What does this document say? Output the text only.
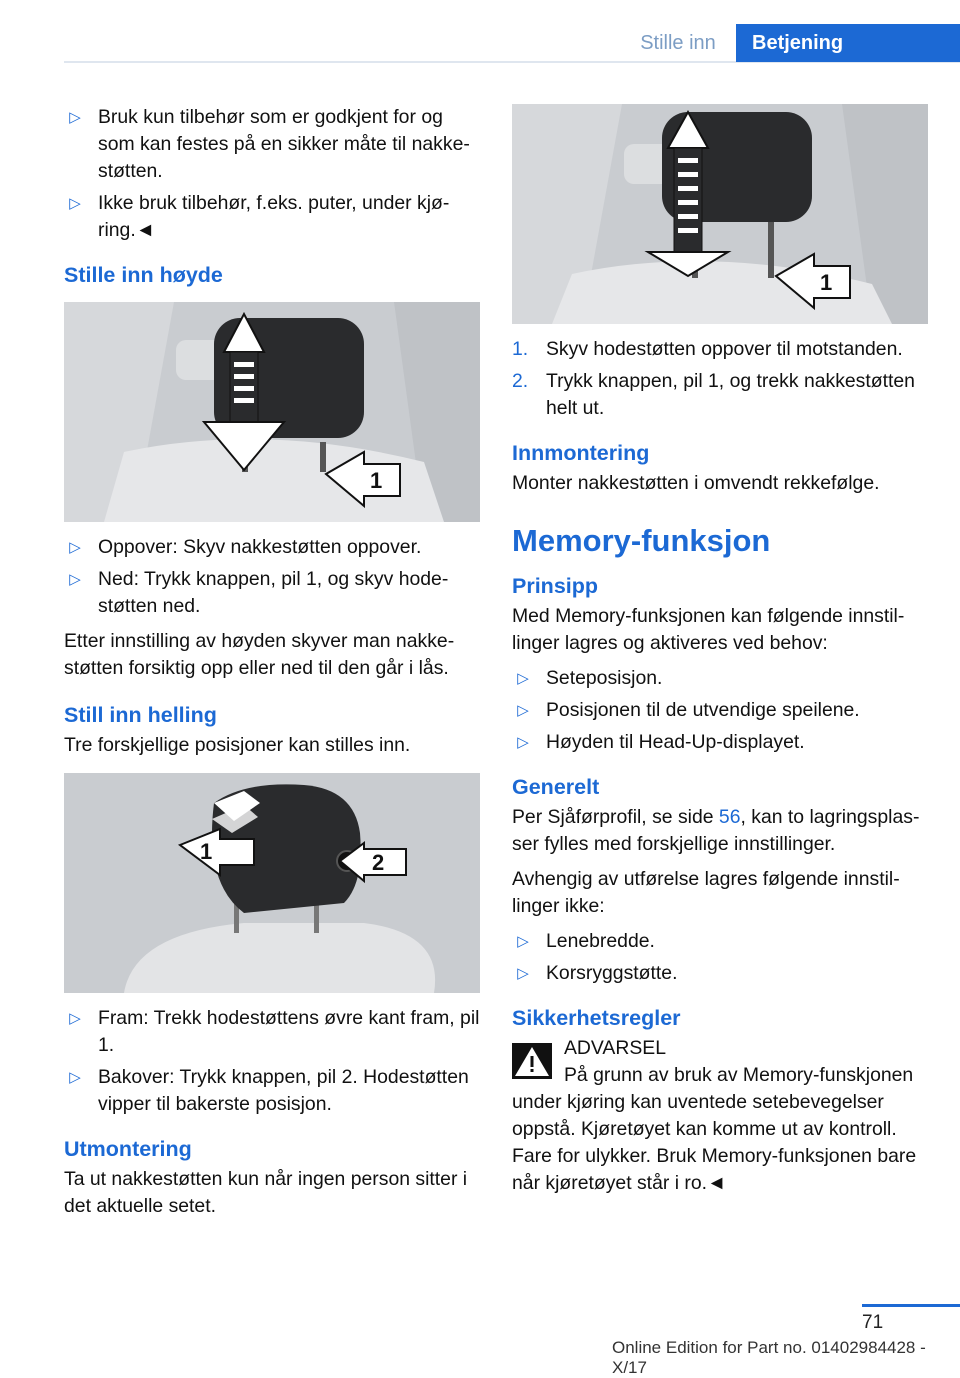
Stille inn	Betjening
▷ Bruk kun tilbehør som er godkjent for og som kan festes på en sikker måte til nakkestøtten.
▷ Ikke bruk tilbehør, f.eks. puter, under kjøring.◄
Stille inn høyde
1
▷ Oppover: Skyv nakkestøtten oppover.
▷ Ned: Trykk knappen, pil 1, og skyv hodestøtten ned.

Etter innstilling av høyden skyver man nakkestøtten forsiktig opp eller ned til den går i lås.

Still inn helling

Tre forskjellige posisjoner kan stilles inn.

1	2
▷ Fram: Trekk hodestøttens øvre kant fram, pil 1.
▷ Bakover: Trykk knappen, pil 2. Hodestøtten vipper til bakerste posisjon.
Utmontering

Ta ut nakkestøtten kun når ingen person sitter i det aktuelle setet.

1
1. Skyv hodestøtten oppover til motstanden.
2. Trykk knappen, pil 1, og trekk nakkestøtten helt ut.
Innmontering

Monter nakkestøtten i omvendt rekkefølge.

Memory-funksjon
Prinsipp

Med Memory-funksjonen kan følgende innstillinger lagres og aktiveres ved behov:

▷ Seteposisjon.
▷ Posisjonen til de utvendige speilene.
▷ Høyden til Head-Up-displayet.
Generelt

Per Sjåførprofil, se side 56, kan to lagringsplasser fylles med forskjellige innstillinger.

Avhengig av utførelse lagres følgende innstillinger ikke:

▷ Lenebredde.
▷ Korsryggstøtte.
Sikkerhetsregler
ADVARSEL

På grunn av bruk av Memory-funskjonen under kjøring kan uventede setebevegelser oppstå. Kjøretøyet kan komme ut av kontroll. Fare for ulykker. Bruk Memory-funksjonen bare når kjøretøyet står i ro.◄

71
Online Edition for Part no. 01402984428 - X/17
